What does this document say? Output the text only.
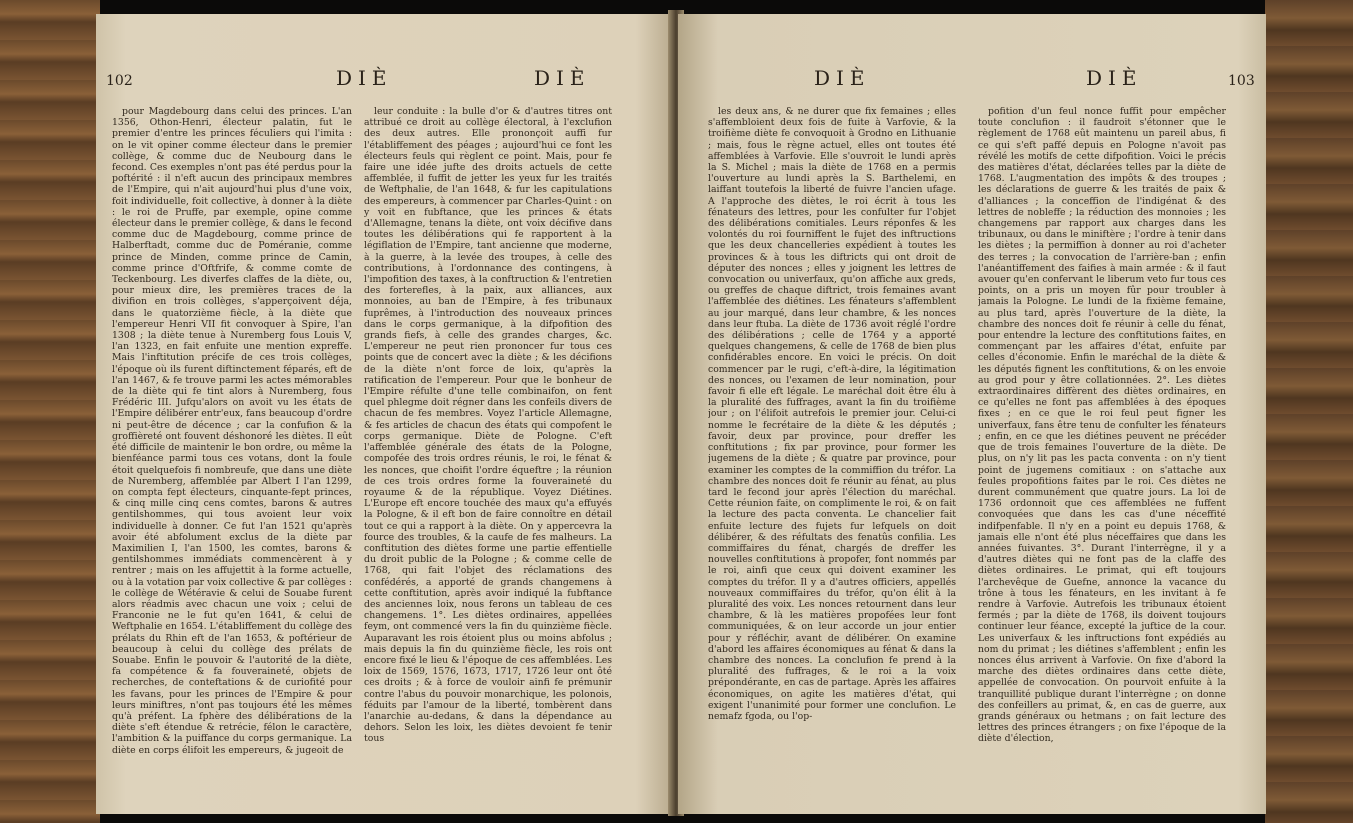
102	DIÈ	DIÈ

pour Magdebourg dans celui des princes. L'an 1356, Othon-Henri, électeur palatin, fut le premier d'entre les princes féculiers qui l'imita : on le vit opiner comme électeur dans le premier collège, & comme duc de Neubourg dans le fecond. Ces exemples n'ont pas été perdus pour la poftérité : il n'eft aucun des principaux membres de l'Empire, qui n'ait aujourd'hui plus d'une voix, foit individuelle, foit collective, à donner à la diète : le roi de Pruffe, par exemple, opine comme électeur dans le premier collège, & dans le fecond comme duc de Magdebourg, comme prince de Halberftadt, comme duc de Poméranie, comme prince de Minden, comme prince de Camin, comme prince d'Oftfrife, & comme comte de Teckenbourg. Les diverfes claffes de la diète, ou, pour mieux dire, les premières traces de la divifion en trois collèges, s'apperçoivent déja, dans le quatorzième fiècle, à la diète que l'empereur Henri VII fit convoquer à Spire, l'an 1308 ; la diète tenue à Nuremberg fous Louis V, l'an 1323, en fait enfuite une mention expreffe. Mais l'inftitution précife de ces trois collèges, l'époque où ils furent diftinctement féparés, eft de l'an 1467, & fe trouve parmi les actes mémorables de la diète qui fe tint alors à Nuremberg, fous Frédéric III. Jufqu'alors on avoit vu les états de l'Empire délibérer entr'eux, fans beaucoup d'ordre ni peut-être de décence ; car la confufion & la groffièreté ont fouvent déshonoré les diètes. Il eût été difficile de maintenir le bon ordre, ou même la bienféance parmi tous ces votans, dont la foule étoit quelquefois fi nombreufe, que dans une diète de Nuremberg, affemblée par Albert I l'an 1299, on compta fept électeurs, cinquante-fept princes, & cinq mille cinq cens comtes, barons & autres gentilshommes, qui tous avoient leur voix individuelle à donner. Ce fut l'an 1521 qu'après avoir été abfolument exclus de la diète par Maximilien I, l'an 1500, les comtes, barons & gentilshommes immédiats commencèrent à y rentrer ; mais on les affujettit à la forme actuelle, ou à la votation par voix collective & par collèges : le collège de Wétéravie & celui de Souabe furent alors réadmis avec chacun une voix ; celui de Franconie ne le fut qu'en 1641, & celui de Weftphalie en 1654. L'établiffement du collège des prélats du Rhin eft de l'an 1653, & poftérieur de beaucoup à celui du collège des prélats de Souabe. Enfin le pouvoir & l'autorité de la diète, fa compétence & fa fouveraineté, objets de recherches, de conteftations & de curiofité pour les favans, pour les princes de l'Empire & pour leurs miniftres, n'ont pas toujours été les mêmes qu'à préfent. La fphère des délibérations de la diète s'eft étendue & retrécie, félon le caractère, l'ambition & la puiffance du corps germanique. La diète en corps élifoit les empereurs, & jugeoit de

leur conduite : la bulle d'or & d'autres titres ont attribué ce droit au collège électoral, à l'exclufion des deux autres. Elle prononçoit auffi fur l'établiffement des péages ; aujourd'hui ce font les électeurs feuls qui règlent ce point. Mais, pour fe faire une idée jufte des droits actuels de cette affemblée, il fuffit de jetter les yeux fur les traités de Weftphalie, de l'an 1648, & fur les capitulations des empereurs, à commencer par Charles-Quint : on y voit en fubftance, que les princes & états d'Allemagne, tenans la diète, ont voix décifive dans toutes les délibérations qui fe rapportent à la légiflation de l'Empire, tant ancienne que moderne, à la guerre, à la levée des troupes, à celle des contributions, à l'ordonnance des contingens, à l'impofition des taxes, à la conftruction & l'entretien des forterefles, à la paix, aux alliances, aux monnoies, au ban de l'Empire, à fes tribunaux fuprêmes, à l'introduction des nouveaux princes dans le corps germanique, à la difpofition des grands fiefs, à celle des grandes charges, &c. L'empereur ne peut rien prononcer fur tous ces points que de concert avec la diète ; & les décifions de la diète n'ont force de loix, qu'après la ratification de l'empereur. Pour que le bonheur de l'Empire réfulte d'une telle combinaifon, on fent quel phlegme doit régner dans les confeils divers de chacun de fes membres. Voyez l'article Allemagne, & fes articles de chacun des états qui compofent le corps germanique. Diète de Pologne. C'eft l'affemblée générale des états de la Pologne, compofée des trois ordres réunis, le roi, le fénat & les nonces, que choifit l'ordre équeftre ; la réunion de ces trois ordres forme la fouveraineté du royaume & de la république. Voyez Diétines. L'Europe eft encore touchée des maux qu'a effuyés la Pologne, & il eft bon de faire connoître en détail tout ce qui a rapport à la diète. On y appercevra la fource des troubles, & la caufe de fes malheurs. La conftitution des diètes forme une partie effentielle du droit public de la Pologne ; & comme celle de 1768, qui fait l'objet des réclamations des confédérés, a apporté de grands changemens à cette conftitution, après avoir indiqué la fubftance des anciennes loix, nous ferons un tableau de ces changemens. 1°. Les diètes ordinaires, appellées feym, ont commencé vers la fin du quinzième fiècle. Auparavant les rois étoient plus ou moins abfolus ; mais depuis la fin du quinzième fiècle, les rois ont encore fixé le lieu & l'époque de ces affemblées. Les loix de 1569, 1576, 1673, 1717, 1726 leur ont ôté ces droits ; & à force de vouloir ainfi fe prémunir contre l'abus du pouvoir monarchique, les polonois, féduits par l'amour de la liberté, tombèrent dans l'anarchie au-dedans, & dans la dépendance au dehors. Selon les loix, les diètes devoient fe tenir tous

DIÈ	DIÈ	103

les deux ans, & ne durer que fix femaines ; elles s'affembloient deux fois de fuite à Varfovie, & la troifième diète fe convoquoit à Grodno en Lithuanie ; mais, fous le règne actuel, elles ont toutes été affemblées à Varfovie. Elle s'ouvroit le lundi après la S. Michel ; mais la diète de 1768 en a permis l'ouverture au lundi après la S. Barthelemi, en laiffant toutefois la liberté de fuivre l'ancien ufage. A l'approche des diètes, le roi écrit à tous les fénateurs des lettres, pour les confulter fur l'objet des délibérations comitiales. Leurs réponfes & les volontés du roi fourniffent le fujet des inftructions que les deux chancelleries expédient à toutes les provinces & à tous les diftricts qui ont droit de députer des nonces ; elles y joignent les lettres de convocation ou univerfaux, qu'on affiche aux greds, ou greffes de chaque diftrict, trois femaines avant l'affemblée des diétines. Les fénateurs s'affemblent au jour marqué, dans leur chambre, & les nonces dans leur ftuba. La diète de 1736 avoit réglé l'ordre des délibérations ; celle de 1764 y a apporté quelques changemens, & celle de 1768 de bien plus confidérables encore. En voici le précis. On doit commencer par le rugi, c'eft-à-dire, la légitimation des nonces, ou l'examen de leur nomination, pour favoir fi elle eft légale. Le maréchal doit être élu à la pluralité des fuffrages, avant la fin du troifième jour ; on l'élifoit autrefois le premier jour. Celui-ci nomme le fecrétaire de la diète & les députés ; favoir, deux par province, pour dreffer les conftitutions ; fix par province, pour former les jugemens de la diète ; & quatre par province, pour examiner les comptes de la commiffion du tréfor. La chambre des nonces doit fe réunir au fénat, au plus tard le fecond jour après l'élection du maréchal. Cette réunion faite, on complimente le roi, & on fait la lecture des pacta conventa. Le chancelier fait enfuite lecture des fujets fur lefquels on doit délibérer, & des réfultats des fenatûs confilia. Les commiffaires du fénat, chargés de dreffer les nouvelles conftitutions à propofer, font nommés par le roi, ainfi que ceux qui doivent examiner les comptes du tréfor. Il y a d'autres officiers, appellés nouveaux commiffaires du tréfor, qu'on élit à la pluralité des voix. Les nonces retournent dans leur chambre, & là les matières propofées leur font communiquées, & on leur accorde un jour entier pour y réfléchir, avant de délibérer. On examine d'abord les affaires économiques au fénat & dans la chambre des nonces. La conclufion fe prend à la pluralité des fuffrages, & le roi a la voix prépondérante, en cas de partage. Après les affaires économiques, on agite les matières d'état, qui exigent l'unanimité pour former une conclufion. Le nemafz fgoda, ou l'op-

pofition d'un feul nonce fuffit pour empêcher toute conclufion : il faudroit s'étonner que le règlement de 1768 eût maintenu un pareil abus, fi ce qui s'eft paffé depuis en Pologne n'avoit pas révélé les motifs de cette difpofition. Voici le précis des matières d'état, déclarées telles par la diète de 1768. L'augmentation des impôts & des troupes ; les déclarations de guerre & les traités de paix & d'alliances ; la conceffion de l'indigénat & des lettres de nobleffe ; la réduction des monnoies ; les changemens par rapport aux charges dans les tribunaux, ou dans le miniftère ; l'ordre à tenir dans les diètes ; la permiffion à donner au roi d'acheter des terres ; la convocation de l'arrière-ban ; enfin l'anéantiffement des faifies à main armée : & il faut avouer qu'en confervant le liberum veto fur tous ces points, on a pris un moyen fûr pour troubler à jamais la Pologne. Le lundi de la fixième femaine, au plus tard, après l'ouverture de la diète, la chambre des nonces doit fe réunir à celle du fénat, pour entendre la lecture des conftitutions faites, en commençant par les affaires d'état, enfuite par celles d'économie. Enfin le maréchal de la diète & les députés fignent les conftitutions, & on les envoie au grod pour y être collationnées. 2°. Les diètes extraordinaires diffèrent des diètes ordinaires, en ce qu'elles ne font pas affemblées à des époques fixes ; en ce que le roi feul peut figner les univerfaux, fans être tenu de confulter les fénateurs ; enfin, en ce que les diétines peuvent ne précéder que de trois femaines l'ouverture de la diète. De plus, on n'y lit pas les pacta conventa : on n'y tient point de jugemens comitiaux : on s'attache aux feules propofitions faites par le roi. Ces diètes ne durent communément que quatre jours. La loi de 1736 ordonnoit que ces affemblées ne fuffent convoquées que dans les cas d'une néceffité indifpenfable. Il n'y en a point eu depuis 1768, & jamais elle n'ont été plus néceffaires que dans les années fuivantes. 3°. Durant l'interrègne, il y a d'autres diètes qui ne font pas de la claffe des diètes ordinaires. Le primat, qui eft toujours l'archevêque de Guefne, annonce la vacance du trône à tous les fénateurs, en les invitant à fe rendre à Varfovie. Autrefois les tribunaux étoient fermés ; par la diète de 1768, ils doivent toujours continuer leur féance, excepté la juftice de la cour. Les univerfaux & les inftructions font expédiés au nom du primat ; les diétines s'affemblent ; enfin les nonces élus arrivent à Varfovie. On fixe d'abord la marche des diètes ordinaires dans cette diète, appellée de convocation. On pourvoit enfuite à la tranquillité publique durant l'interrègne ; on donne des confeillers au primat, &, en cas de guerre, aux grands généraux ou hetmans ; on fait lecture des lettres des princes étrangers ; on fixe l'époque de la diète d'élection,
